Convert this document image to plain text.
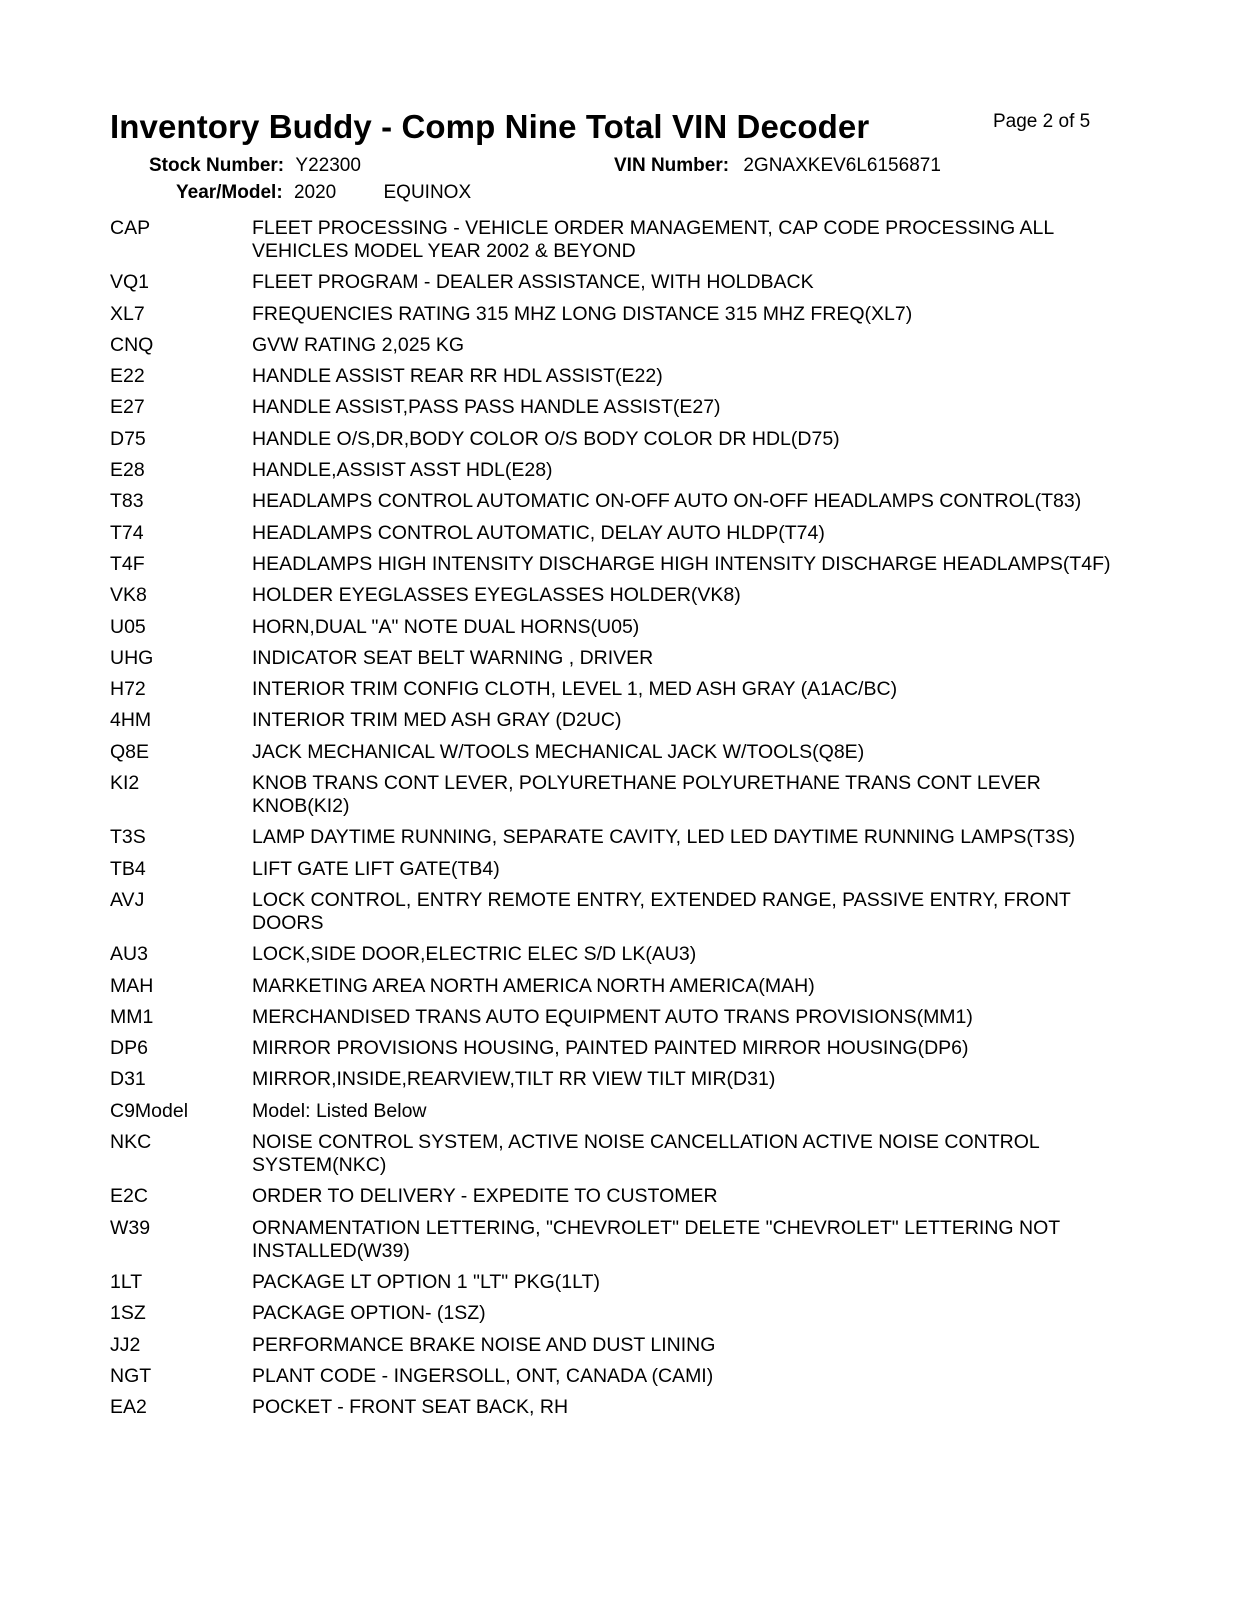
Inventory Buddy - Comp Nine Total VIN Decoder	Page 2 of 5
Stock Number: Y22300	VIN Number: 2GNAXKEV6L6156871
Year/Model: 2020 EQUINOX
CAP	FLEET PROCESSING - VEHICLE ORDER MANAGEMENT, CAP CODE PROCESSING ALL VEHICLES MODEL YEAR 2002 & BEYOND
VQ1	FLEET PROGRAM - DEALER ASSISTANCE, WITH HOLDBACK
XL7	FREQUENCIES RATING 315 MHZ LONG DISTANCE 315 MHZ FREQ(XL7)
CNQ	GVW RATING 2,025 KG
E22	HANDLE ASSIST REAR RR HDL ASSIST(E22)
E27	HANDLE ASSIST,PASS PASS HANDLE ASSIST(E27)
D75	HANDLE O/S,DR,BODY COLOR O/S BODY COLOR DR HDL(D75)
E28	HANDLE,ASSIST ASST HDL(E28)
T83	HEADLAMPS CONTROL AUTOMATIC ON-OFF AUTO ON-OFF HEADLAMPS CONTROL(T83)
T74	HEADLAMPS CONTROL AUTOMATIC, DELAY AUTO HLDP(T74)
T4F	HEADLAMPS HIGH INTENSITY DISCHARGE HIGH INTENSITY DISCHARGE HEADLAMPS(T4F)
VK8	HOLDER EYEGLASSES EYEGLASSES HOLDER(VK8)
U05	HORN,DUAL "A" NOTE DUAL HORNS(U05)
UHG	INDICATOR SEAT BELT WARNING , DRIVER
H72	INTERIOR TRIM CONFIG CLOTH, LEVEL 1, MED ASH GRAY (A1AC/BC)
4HM	INTERIOR TRIM MED ASH GRAY (D2UC)
Q8E	JACK MECHANICAL W/TOOLS MECHANICAL JACK W/TOOLS(Q8E)
KI2	KNOB TRANS CONT LEVER, POLYURETHANE POLYURETHANE TRANS CONT LEVER KNOB(KI2)
T3S	LAMP DAYTIME RUNNING, SEPARATE CAVITY, LED LED DAYTIME RUNNING LAMPS(T3S)
TB4	LIFT GATE LIFT GATE(TB4)
AVJ	LOCK CONTROL, ENTRY REMOTE ENTRY, EXTENDED RANGE, PASSIVE ENTRY, FRONT DOORS
AU3	LOCK,SIDE DOOR,ELECTRIC ELEC S/D LK(AU3)
MAH	MARKETING AREA NORTH AMERICA NORTH AMERICA(MAH)
MM1	MERCHANDISED TRANS AUTO EQUIPMENT AUTO TRANS PROVISIONS(MM1)
DP6	MIRROR PROVISIONS HOUSING, PAINTED PAINTED MIRROR HOUSING(DP6)
D31	MIRROR,INSIDE,REARVIEW,TILT RR VIEW TILT MIR(D31)
C9Model	Model: Listed Below
NKC	NOISE CONTROL SYSTEM, ACTIVE NOISE CANCELLATION ACTIVE NOISE CONTROL SYSTEM(NKC)
E2C	ORDER TO DELIVERY - EXPEDITE TO CUSTOMER
W39	ORNAMENTATION LETTERING, "CHEVROLET" DELETE "CHEVROLET" LETTERING NOT INSTALLED(W39)
1LT	PACKAGE LT OPTION 1 "LT" PKG(1LT)
1SZ	PACKAGE OPTION- (1SZ)
JJ2	PERFORMANCE BRAKE NOISE AND DUST LINING
NGT	PLANT CODE - INGERSOLL, ONT, CANADA (CAMI)
EA2	POCKET - FRONT SEAT BACK, RH
